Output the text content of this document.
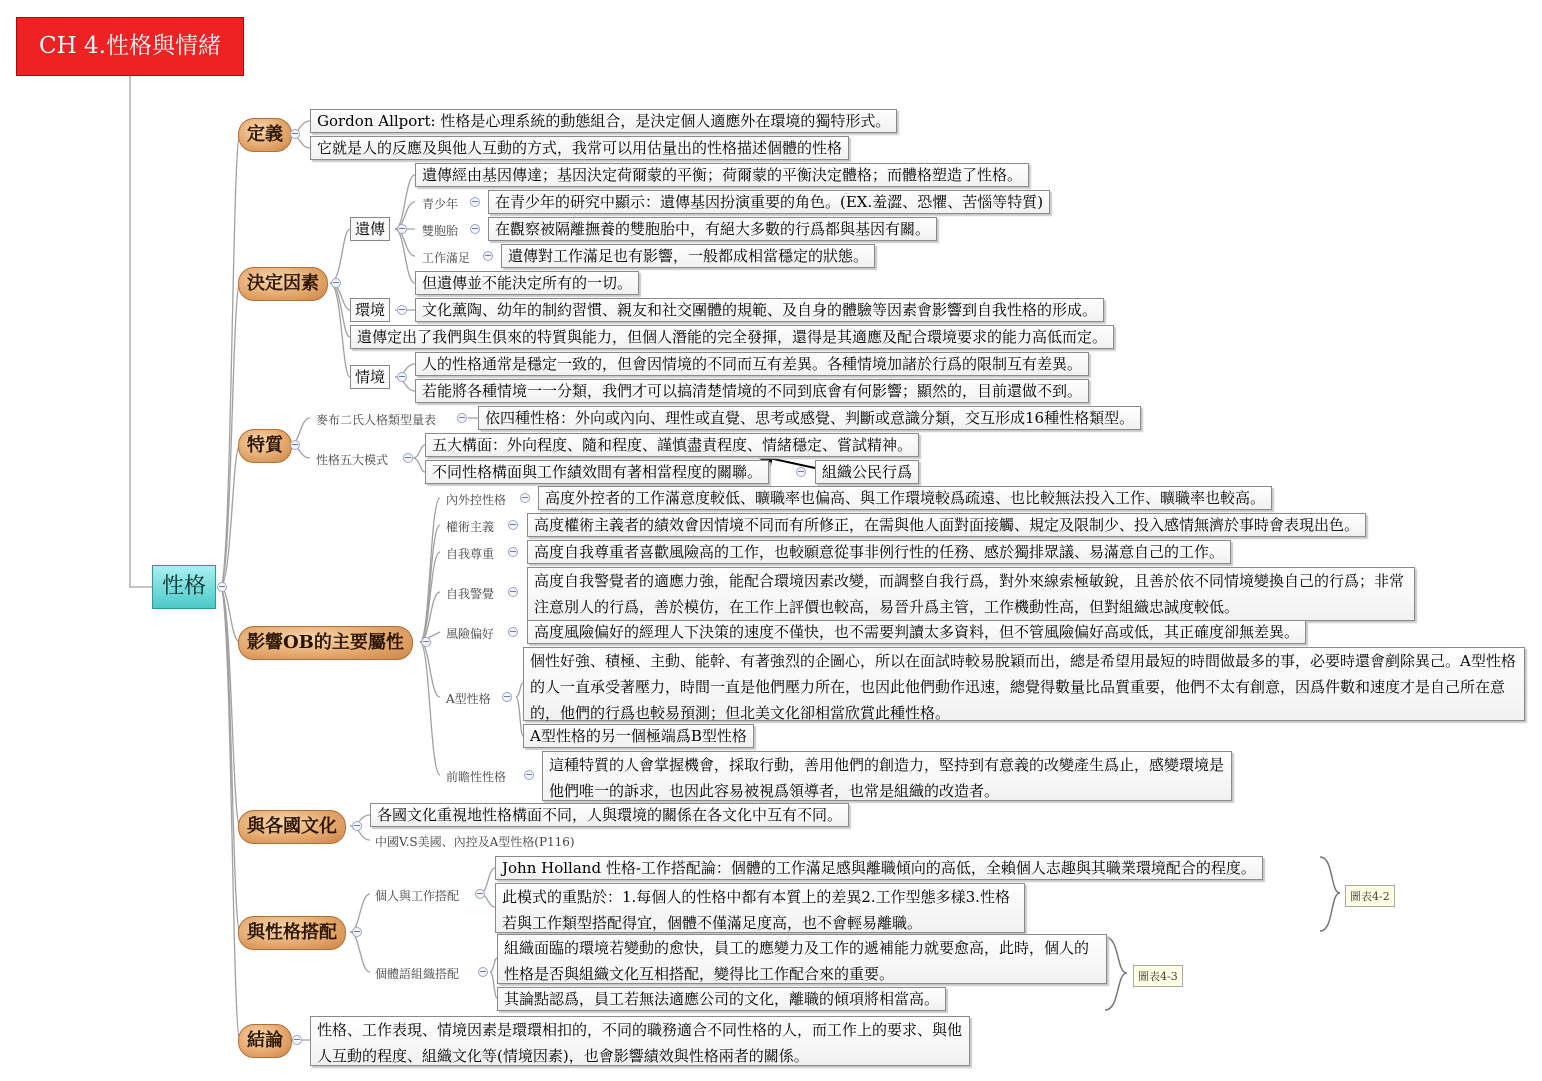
CH 4.性格與情緒
性格
定義
Gordon Allport: 性格是心理系統的動態組合，是決定個人適應外在環境的獨特形式。
它就是人的反應及與他人互動的方式，我常可以用估量出的性格描述個體的性格
決定因素
遺傳
遺傳經由基因傳達；基因決定荷爾蒙的平衡；荷爾蒙的平衡決定體格；而體格塑造了性格。
青少年	在青少年的研究中顯示：遺傳基因扮演重要的角色。(EX.羞澀、恐懼、苦惱等特質)
雙胞胎	在觀察被隔離撫養的雙胞胎中，有絕大多數的行爲都與基因有關。
工作滿足	遺傳對工作滿足也有影響，一般都成相當穩定的狀態。
但遺傳並不能決定所有的一切。
環境	文化薰陶、幼年的制約習慣、親友和社交團體的規範、及自身的體驗等因素會影響到自我性格的形成。
遺傳定出了我們與生俱來的特質與能力，但個人潛能的完全發揮，還得是其適應及配合環境要求的能力高低而定。
情境
人的性格通常是穩定一致的，但會因情境的不同而互有差異。各種情境加諸於行爲的限制互有差異。
若能將各種情境一一分類，我們才可以搞清楚情境的不同到底會有何影響；顯然的，目前還做不到。
特質
麥布二氏人格類型量表	依四種性格：外向或內向、理性或直覺、思考或感覺、判斷或意識分類，交互形成16種性格類型。
性格五大模式
五大構面：外向程度、隨和程度、謹慎盡責程度、情緒穩定、嘗試精神。
不同性格構面與工作績效間有著相當程度的關聯。	組織公民行爲
影響OB的主要屬性
內外控性格	高度外控者的工作滿意度較低、曠職率也偏高、與工作環境較爲疏遠、也比較無法投入工作、曠職率也較高。
權術主義	高度權術主義者的績效會因情境不同而有所修正，在需與他人面對面接觸、規定及限制少、投入感情無濟於事時會表現出色。
自我尊重	高度自我尊重者喜歡風險高的工作，也較願意從事非例行性的任務、感於獨排眾議、易滿意自己的工作。
自我警覺
高度自我警覺者的適應力強，能配合環境因素改變，而調整自我行爲，對外來線索極敏銳，且善於依不同情境變換自己的行爲；非常注意別人的行爲，善於模仿，在工作上評價也較高，易晉升爲主管，工作機動性高，但對組織忠誠度較低。
風險偏好	高度風險偏好的經理人下決策的速度不僅快，也不需要判讀太多資料，但不管風險偏好高或低，其正確度卻無差異。
A型性格
個性好強、積極、主動、能幹、有著強烈的企圖心，所以在面試時較易脫穎而出，總是希望用最短的時間做最多的事，必要時還會剷除異己。A型性格的人一直承受著壓力，時間一直是他們壓力所在，也因此他們動作迅速，總覺得數量比品質重要，他們不太有創意，因爲件數和速度才是自己所在意的，他們的行爲也較易預測；但北美文化卻相當欣賞此種性格。
A型性格的另一個極端爲B型性格
前瞻性性格
這種特質的人會掌握機會，採取行動，善用他們的創造力，堅持到有意義的改變產生爲止，感變環境是他們唯一的訴求，也因此容易被視爲領導者，也常是組織的改造者。
與各國文化
各國文化重視地性格構面不同，人與環境的關係在各文化中互有不同。
中國V.S美國、內控及A型性格(P116)
與性格搭配
個人與工作搭配
John Holland 性格-工作搭配論：個體的工作滿足感與離職傾向的高低，全賴個人志趣與其職業環境配合的程度。
此模式的重點於：1.每個人的性格中都有本質上的差異2.工作型態多樣3.性格若與工作類型搭配得宜，個體不僅滿足度高，也不會輕易離職。
圖表4-2
個體語組織搭配
組織面臨的環境若變動的愈快，員工的應變力及工作的遞補能力就要愈高，此時，個人的性格是否與組織文化互相搭配，變得比工作配合來的重要。
其論點認爲，員工若無法適應公司的文化，離職的傾項將相當高。
圖表4-3
結論	性格、工作表現、情境因素是環環相扣的，不同的職務適合不同性格的人，而工作上的要求、與他人互動的程度、組織文化等(情境因素)，也會影響績效與性格兩者的關係。
